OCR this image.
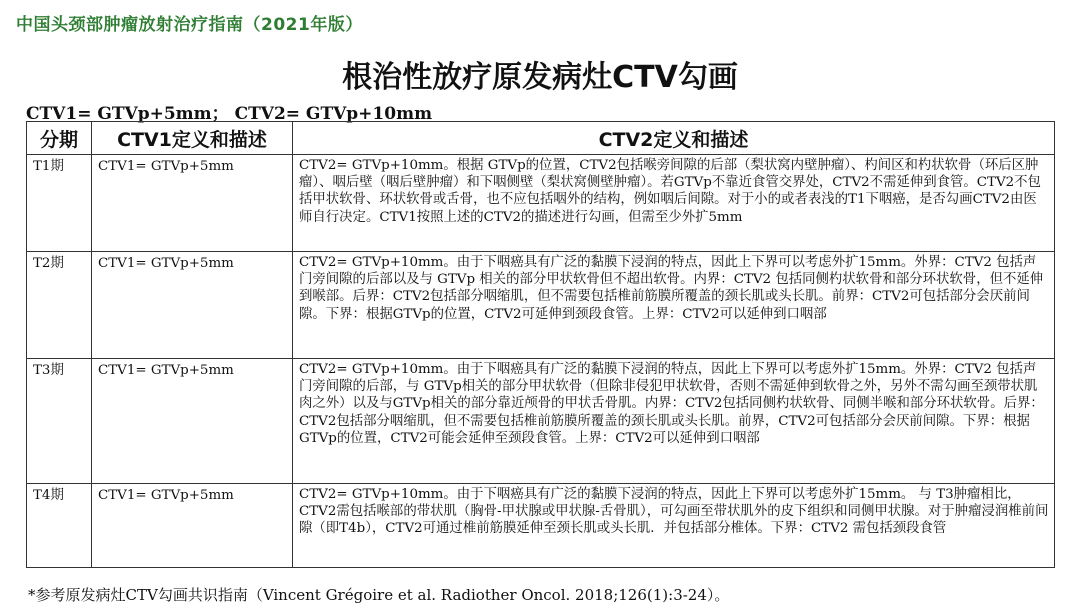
中国头颈部肿瘤放射治疗指南（2021年版）
根治性放疗原发病灶CTV勾画
CTV1= GTVp+5mm； CTV2= GTVp+10mm
分期	CTV1定义和描述	CTV2定义和描述
T1期	CTV1= GTVp+5mm	CTV2= GTVp+10mm。根据 GTVp的位置，CTV2包括喉旁间隙的后部（梨状窝内壁肿瘤）、杓间区和杓状软骨（环后区肿瘤）、咽后壁（咽后壁肿瘤）和下咽侧壁（梨状窝侧壁肿瘤）。若GTVp不靠近食管交界处，CTV2不需延伸到食管。CTV2不包括甲状软骨、环状软骨或舌骨，也不应包括咽外的结构，例如咽后间隙。对于小的或者表浅的T1下咽癌，是否勾画CTV2由医师自行决定。CTV1按照上述的CTV2的描述进行勾画，但需至少外扩5mm
T2期	CTV1= GTVp+5mm	CTV2= GTVp+10mm。由于下咽癌具有广泛的黏膜下浸润的特点，因此上下界可以考虑外扩15mm。外界：CTV2 包括声门旁间隙的后部以及与 GTVp 相关的部分甲状软骨但不超出软骨。内界：CTV2 包括同侧杓状软骨和部分环状软骨，但不延伸到喉部。后界：CTV2包括部分咽缩肌，但不需要包括椎前筋膜所覆盖的颈长肌或头长肌。前界：CTV2可包括部分会厌前间隙。下界：根据GTVp的位置，CTV2可延伸到颈段食管。上界：CTV2可以延伸到口咽部
T3期	CTV1= GTVp+5mm	CTV2= GTVp+10mm。由于下咽癌具有广泛的黏膜下浸润的特点，因此上下界可以考虑外扩15mm。外界：CTV2 包括声门旁间隙的后部，与 GTVp相关的部分甲状软骨（但除非侵犯甲状软骨，否则不需延伸到软骨之外，另外不需勾画至颈带状肌肉之外）以及与GTVp相关的部分靠近颅骨的甲状舌骨肌。内界：CTV2包括同侧杓状软骨、同侧半喉和部分环状软骨。后界：CTV2包括部分咽缩肌，但不需要包括椎前筋膜所覆盖的颈长肌或头长肌。前界，CTV2可包括部分会厌前间隙。下界：根据GTVp的位置，CTV2可能会延伸至颈段食管。上界：CTV2可以延伸到口咽部
T4期	CTV1= GTVp+5mm	CTV2= GTVp+10mm。由于下咽癌具有广泛的黏膜下浸润的特点，因此上下界可以考虑外扩15mm。 与 T3肿瘤相比，CTV2需包括喉部的带状肌（胸骨-甲状腺或甲状腺-舌骨肌），可勾画至带状肌外的皮下组织和同侧甲状腺。对于肿瘤浸润椎前间隙（即T4b），CTV2可通过椎前筋膜延伸至颈长肌或头长肌．并包括部分椎体。下界：CTV2 需包括颈段食管
*参考原发病灶CTV勾画共识指南（Vincent Grégoire et al. Radiother Oncol. 2018;126(1):3-24）。
